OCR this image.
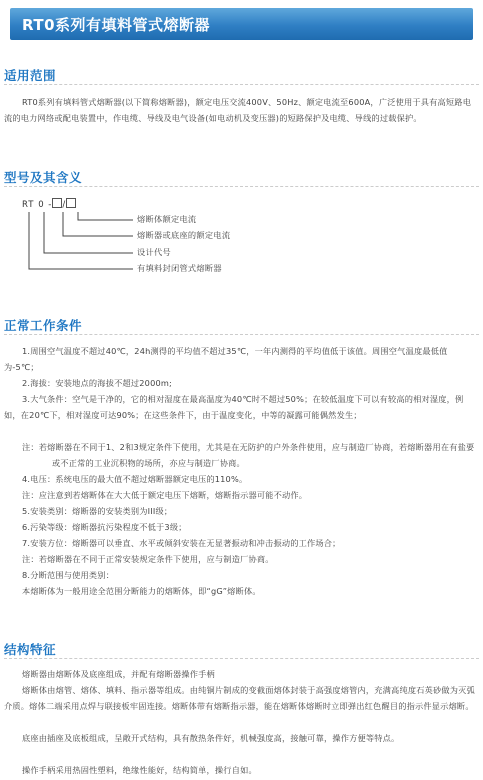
RT0系列有填料管式熔断器
适用范围

RT0系列有填料管式熔断器(以下简称熔断器)，额定电压交流400V、50Hz、额定电流至600A，广泛使用于具有高短路电流的电力网络或配电装置中，作电缆、导线及电气设备(如电动机及变压器)的短路保护及电缆、导线的过载保护。

型号及其含义
RT 0 - /
熔断体额定电流
熔断器或底座的额定电流
设计代号
有填料封闭管式熔断器
正常工作条件

1.周围空气温度不超过40℃，24h测得的平均值不超过35℃，一年内测得的平均值低于该值。周围空气温度最低值为-5℃；

2.海拔：安装地点的海拔不超过2000m;

3.大气条件：空气是干净的，它的相对湿度在最高温度为40℃时不超过50%；在较低温度下可以有较高的相对湿度，例如，在20℃下，相对湿度可达90%；在这些条件下，由于温度变化，中等的凝露可能偶然发生；

注：若熔断器在不同于1、2和3规定条件下使用，尤其是在无防护的户外条件使用，应与制造厂协商，若熔断器用在有盐要或不正常的工业沉积物的场所，亦应与制造厂协商。

4.电压：系统电压的最大值不超过熔断器额定电压的110%。

注：应注意到若熔断体在大大低于额定电压下熔断，熔断指示器可能不动作。

5.安装类别：熔断器的安装类别为III级；

6.污染等级：熔断器抗污染程度不低于3级；

7.安装方位：熔断器可以垂直、水平或倾斜安装在无显著振动和冲击振动的工作场合；

注：若熔断器在不同于正常安装规定条件下使用，应与制造厂协商。

8.分断范围与使用类别：

本熔断体为一般用途全范围分断能力的熔断体，即“gG”熔断体。

结构特征

熔断器由熔断体及底座组成，并配有熔断器操作手柄

熔断体由熔管、熔体、填料、指示器等组成。由纯铜片制成的变截面熔体封装于高强度熔管内，充满高纯度石英砂做为灭弧介质。熔体二端采用点焊与联接板牢固连接。熔断体带有熔断指示器，能在熔断体熔断时立即弹出红色醒目的指示件显示熔断。

底座由插座及底板组成，呈敞开式结构，具有散热条件好，机械强度高，接触可靠，操作方便等特点。

操作手柄采用热固性塑料，绝缘性能好，结构简单，操行自如。
